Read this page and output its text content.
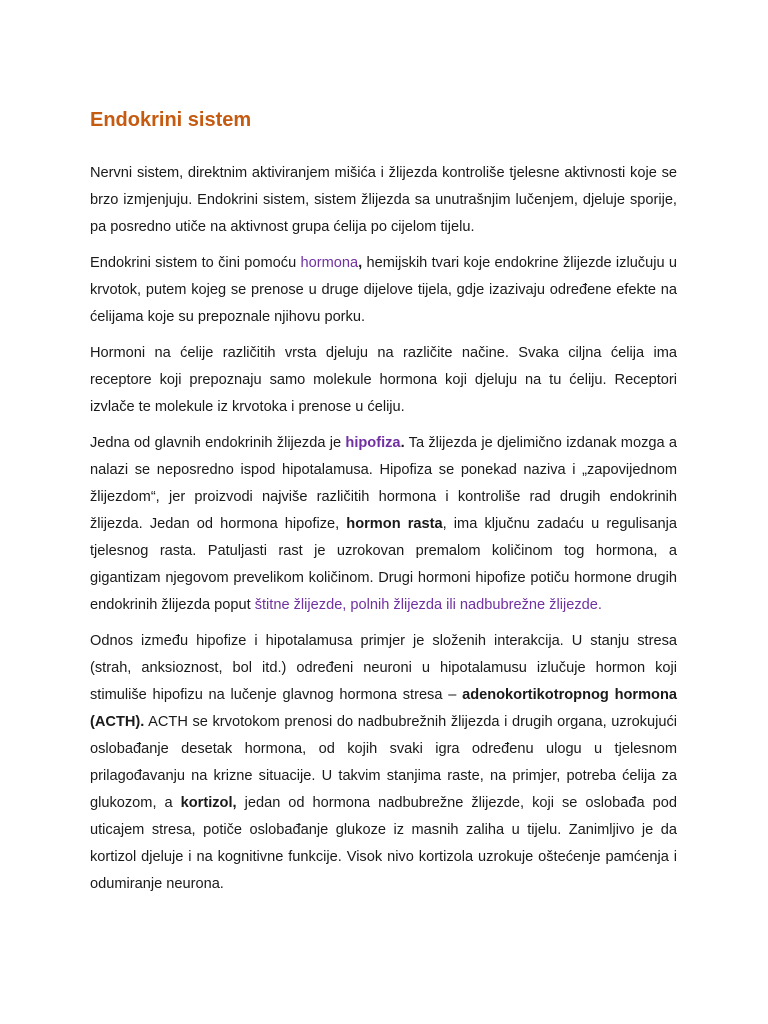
Endokrini sistem

Nervni sistem, direktnim aktiviranjem mišića i žlijezda kontroliše tjelesne aktivnosti koje se brzo izmjenjuju. Endokrini sistem, sistem žlijezda sa unutrašnjim lučenjem, djeluje sporije, pa posredno utiče na aktivnost grupa ćelija po cijelom tijelu.

Endokrini sistem to čini pomoću hormona, hemijskih tvari koje endokrine žlijezde izlučuju u krvotok, putem kojeg se prenose u druge dijelove tijela, gdje izazivaju određene efekte na ćelijama koje su prepoznale njihovu porku.

Hormoni na ćelije različitih vrsta djeluju na različite načine. Svaka ciljna ćelija ima receptore koji prepoznaju samo molekule hormona koji djeluju na tu ćeliju. Receptori izvlače te molekule iz krvotoka i prenose u ćeliju.

Jedna od glavnih endokrinih žlijezda je hipofiza. Ta žlijezda je djelimično izdanak mozga a nalazi se neposredno ispod hipotalamusa. Hipofiza se ponekad naziva i „zapovijednom žlijezdom“, jer proizvodi najviše različitih hormona i kontroliše rad drugih endokrinih žlijezda. Jedan od hormona hipofize, hormon rasta, ima ključnu zadaću u regulisanja tjelesnog rasta. Patuljasti rast je uzrokovan premalom količinom tog hormona, a gigantizam njegovom prevelikom količinom. Drugi hormoni hipofize potiču hormone drugih endokrinih žlijezda poput štitne žlijezde, polnih žlijezda ili nadbubrežne žlijezde.

Odnos između hipofize i hipotalamusa primjer je složenih interakcija. U stanju stresa (strah, anksioznost, bol itd.) određeni neuroni u hipotalamusu izlučuje hormon koji stimuliše hipofizu na lučenje glavnog hormona stresa – adenokortikotropnog hormona (ACTH). ACTH se krvotokom prenosi do nadbubrežnih žlijezda i drugih organa, uzrokujući oslobađanje desetak hormona, od kojih svaki igra određenu ulogu u tjelesnom prilagođavanju na krizne situacije. U takvim stanjima raste, na primjer, potreba ćelija za glukozom, a kortizol, jedan od hormona nadbubrežne žlijezde, koji se oslobađa pod uticajem stresa, potiče oslobađanje glukoze iz masnih zaliha u tijelu. Zanimljivo je da kortizol djeluje i na kognitivne funkcije. Visok nivo kortizola uzrokuje oštećenje pamćenja i odumiranje neurona.
